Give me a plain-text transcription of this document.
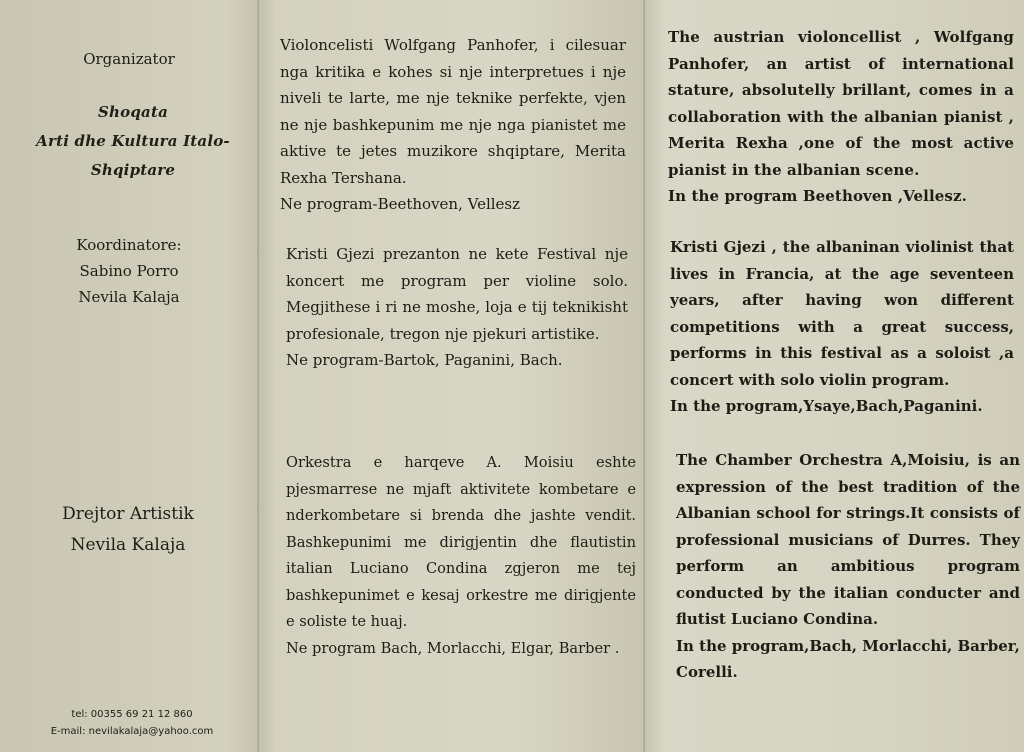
Organizator
Shoqata
Arti dhe Kultura Italo-
Shqiptare
Koordinatore:
Sabino Porro
Nevila Kalaja
Drejtor Artistik
Nevila Kalaja
tel: 00355 69 21 12 860
E-mail: nevilakalaja@yahoo.com

Violoncelisti Wolfgang Panhofer, i cilesuar nga kritika e kohes si nje interpretues i nje niveli te larte, me nje teknike perfekte, vjen ne nje bashkepunim me nje nga pianistet me aktive te jetes muzikore shqiptare, Merita Rexha Tershana.

Ne program-Beethoven, Vellesz

Kristi Gjezi prezanton ne kete Festival nje koncert me program per violine solo. Megjithese i ri ne moshe, loja e tij teknikisht profesionale, tregon nje pjekuri artistike.

Ne program-Bartok, Paganini, Bach.

Orkestra e harqeve A. Moisiu eshte pjesmarrese ne mjaft aktivitete kombetare e nderkombetare si brenda dhe jashte vendit. Bashkepunimi me dirigjentin dhe flautistin italian Luciano Condina zgjeron me tej bashkepunimet e kesaj orkestre me dirigjente e soliste te huaj.

Ne program Bach, Morlacchi, Elgar, Barber .

The austrian violoncellist , Wolfgang Panhofer, an artist of international stature, absolutelly brillant, comes in a collaboration with the albanian pianist , Merita Rexha ,one of the most active pianist in the albanian scene.

In the program Beethoven ,Vellesz.

Kristi Gjezi , the albaninan violinist that lives in Francia, at the age seventeen years, after having won different competitions with a great success, performs in this festival as a soloist ,a concert with solo violin program.

In the program,Ysaye,Bach,Paganini.

The Chamber Orchestra A,Moisiu, is an expression of the best tradition of the Albanian school for strings.It consists of professional musicians of Durres. They perform an ambitious program conducted by the italian conducter and flutist Luciano Condina.

In the program,Bach, Morlacchi, Barber, Corelli.
